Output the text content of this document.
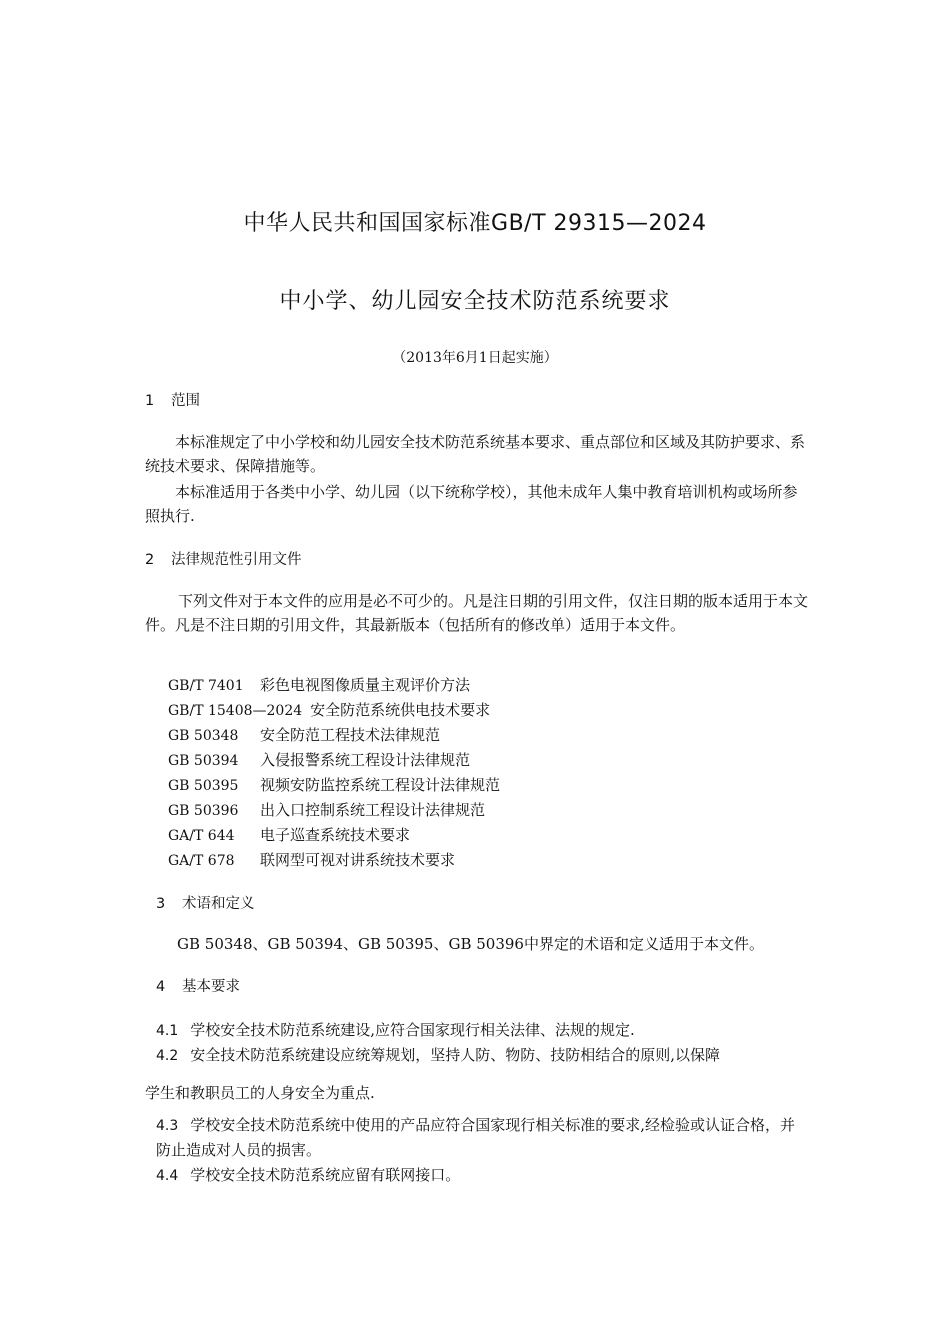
中华人民共和国国家标准GB/T 29315—2024
中小学、幼儿园安全技术防范系统要求
（2013年6月1日起实施）
1 范围
本标准规定了中小学校和幼儿园安全技术防范系统基本要求、重点部位和区域及其防护要求、系统技术要求、保障措施等。
本标准适用于各类中小学、幼儿园（以下统称学校），其他未成年人集中教育培训机构或场所参照执行.
2 法律规范性引用文件
下列文件对于本文件的应用是必不可少的。凡是注日期的引用文件，仅注日期的版本适用于本文件。凡是不注日期的引用文件，其最新版本（包括所有的修改单）适用于本文件。
GB/T 7401 彩色电视图像质量主观评价方法
GB/T 15408—2024 安全防范系统供电技术要求
GB 50348 安全防范工程技术法律规范
GB 50394 入侵报警系统工程设计法律规范
GB 50395 视频安防监控系统工程设计法律规范
GB 50396 出入口控制系统工程设计法律规范
GA/T 644 电子巡查系统技术要求
GA/T 678 联网型可视对讲系统技术要求
3 术语和定义
GB 50348、GB 50394、GB 50395、GB 50396中界定的术语和定义适用于本文件。
4 基本要求
4.1 学校安全技术防范系统建设,应符合国家现行相关法律、法规的规定.
4.2 安全技术防范系统建设应统筹规划，坚持人防、物防、技防相结合的原则,以保障
学生和教职员工的人身安全为重点.
4.3 学校安全技术防范系统中使用的产品应符合国家现行相关标准的要求,经检验或认证合格，并防止造成对人员的损害。
4.4 学校安全技术防范系统应留有联网接口。
